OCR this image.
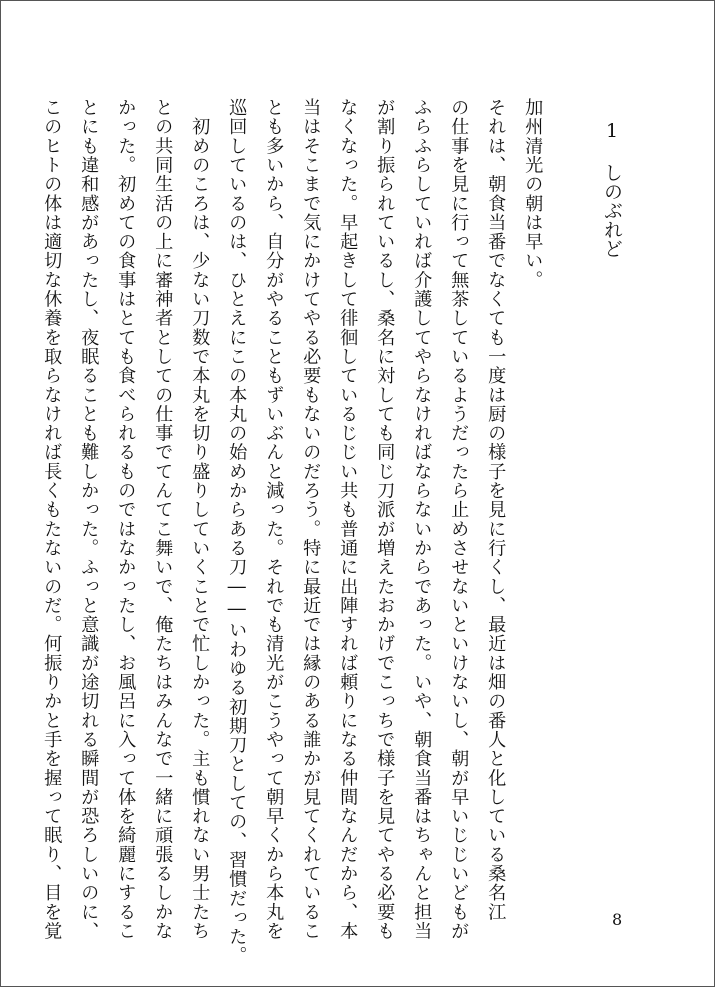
1
しのぶれど
加州清光の朝は早い。
それは、朝食当番でなくても一度は厨の様子を見に行くし、最近は畑の番人と化している桑名江
の仕事を見に行って無茶しているようだったら止めさせないといけないし、朝が早いじじいどもが
ふらふらしていれば介護してやらなければならないからであった。いや、朝食当番はちゃんと担当
が割り振られているし、桑名に対しても同じ刀派が増えたおかげでこっちで様子を見てやる必要も
なくなった。早起きして徘徊しているじじい共も普通に出陣すれば頼りになる仲間なんだから、本
当はそこまで気にかけてやる必要もないのだろう。特に最近では縁のある誰かが見てくれているこ
とも多いから、自分がやることもずいぶんと減った。それでも清光がこうやって朝早くから本丸を
巡回しているのは、ひとえにこの本丸の始めからある刀――いわゆる初期刀としての、習慣だった。
　初めのころは、少ない刀数で本丸を切り盛りしていくことで忙しかった。主も慣れない男士たち
との共同生活の上に審神者としての仕事でてんてこ舞いで、俺たちはみんなで一緒に頑張るしかな
かった。初めての食事はとても食べられるものではなかったし、お風呂に入って体を綺麗にするこ
とにも違和感があったし、夜眠ることも難しかった。ふっと意識が途切れる瞬間が恐ろしいのに、
このヒトの体は適切な休養を取らなければ長くもたないのだ。何振りかと手を握って眠り、目を覚	8
